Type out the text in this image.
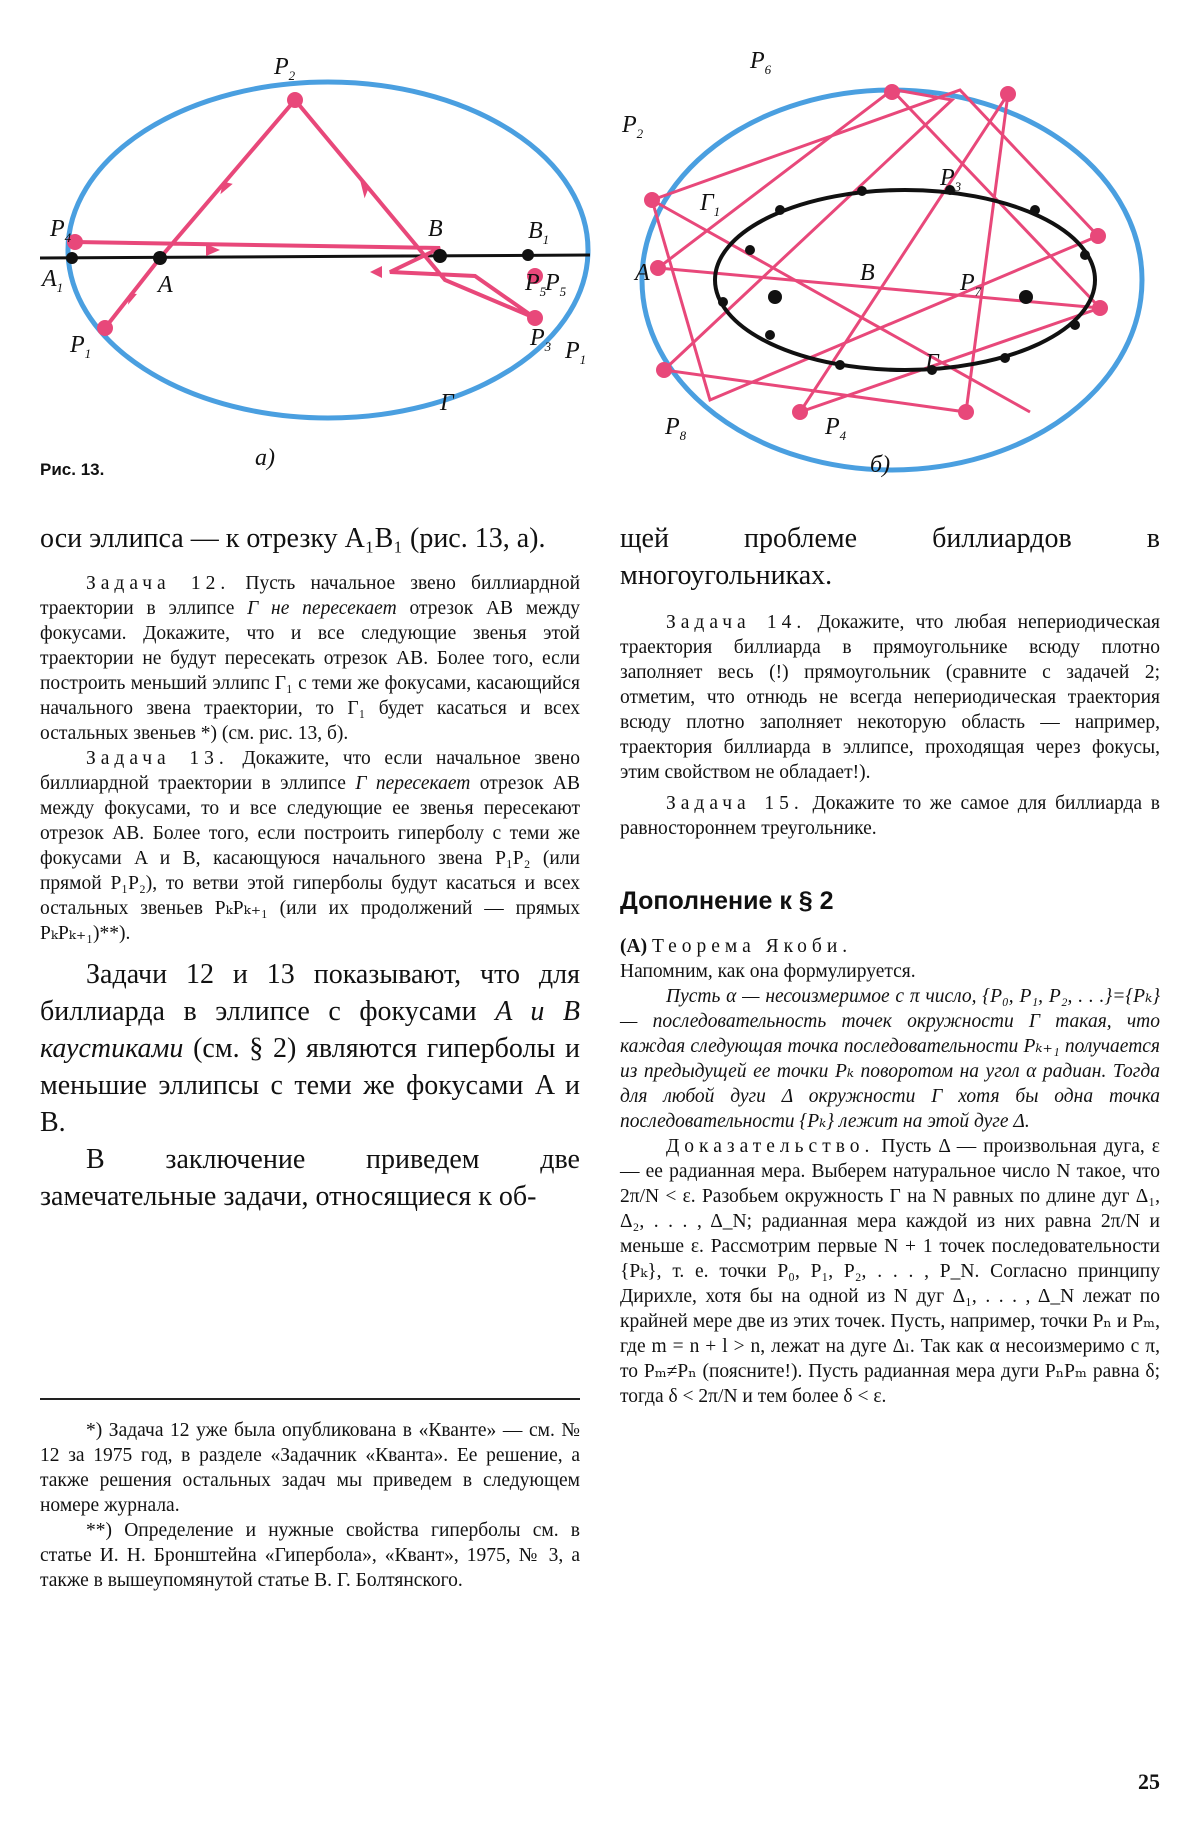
$P_2$
$P_4$
$A_1$	A
B	$B_1$
$P_5$
$P_3$
$P_1$
Г
Рис. 13.	а)
$P_6$
$P_2$
$Г_1$
$P_3$
A	B
$P_5$	$P_7$
$P_1$	Г
$P_8$	$P_4$
б)

оси эллипса — к отрезку A₁B₁ (рис. 13, а).

Задача 12. Пусть начальное звено биллиардной траектории в эллипсе Г не пересекает отрезок AB между фокусами. Докажите, что и все следующие звенья этой траектории не будут пересекать отрезок AB. Более того, если построить меньший эллипс Г₁ с теми же фокусами, касающийся начального звена траектории, то Г₁ будет касаться и всех остальных звеньев *) (см. рис. 13, б).

Задача 13. Докажите, что если начальное звено биллиардной траектории в эллипсе Г пересекает отрезок AB между фокусами, то и все следующие ее звенья пересекают отрезок AB. Более того, если построить гиперболу с теми же фокусами A и B, касающуюся начального звена P₁P₂ (или прямой P₁P₂), то ветви этой гиперболы будут касаться и всех остальных звеньев PₖPₖ₊₁ (или их продолжений — прямых PₖPₖ₊₁)**).

Задачи 12 и 13 показывают, что для биллиарда в эллипсе с фокусами A и B каустиками (см. § 2) являются гиперболы и меньшие эллипсы с теми же фокусами A и B.

В заключение приведем две замечательные задачи, относящиеся к об-

*) Задача 12 уже была опубликована в «Кванте» — см. № 12 за 1975 год, в разделе «Задачник «Кванта». Ее решение, а также решения остальных задач мы приведем в следующем номере журнала.

**) Определение и нужные свойства гиперболы см. в статье И. Н. Бронштейна «Гипербола», «Квант», 1975, № 3, а также в вышеупомянутой статье В. Г. Болтянского.

щей проблеме биллиардов в многоугольниках.

Задача 14. Докажите, что любая непериодическая траектория биллиарда в прямоугольнике всюду плотно заполняет весь (!) прямоугольник (сравните с задачей 2; отметим, что отнюдь не всегда непериодическая траектория всюду плотно заполняет некоторую область — например, траектория биллиарда в эллипсе, проходящая через фокусы, этим свойством не обладает!).

Задача 15. Докажите то же самое для биллиарда в равностороннем треугольнике.

Дополнение к § 2

(А) Теорема Якоби.

Напомним, как она формулируется.

Пусть α — несоизмеримое с π число, {P₀, P₁, P₂, . . .}={Pₖ} — последовательность точек окружности Г такая, что каждая следующая точка последовательности Pₖ₊₁ получается из предыдущей ее точки Pₖ поворотом на угол α радиан. Тогда для любой дуги Δ окружности Г хотя бы одна точка последовательности {Pₖ} лежит на этой дуге Δ.

Доказательство. Пусть Δ — произвольная дуга, ε — ее радианная мера. Выберем натуральное число N такое, что 2π/N < ε. Разобьем окружность Г на N равных по длине дуг Δ₁, Δ₂, . . . , Δ_N; радианная мера каждой из них равна 2π/N и меньше ε. Рассмотрим первые N + 1 точек последовательности {Pₖ}, т. е. точки P₀, P₁, P₂, . . . , P_N. Согласно принципу Дирихле, хотя бы на одной из N дуг Δ₁, . . . , Δ_N лежат по крайней мере две из этих точек. Пусть, например, точки Pₙ и Pₘ, где m = n + l > n, лежат на дуге Δₗ. Так как α несоизмеримо с π, то Pₘ≠Pₙ (поясните!). Пусть радианная мера дуги PₙPₘ равна δ; тогда δ < 2π/N и тем более δ < ε.

25
